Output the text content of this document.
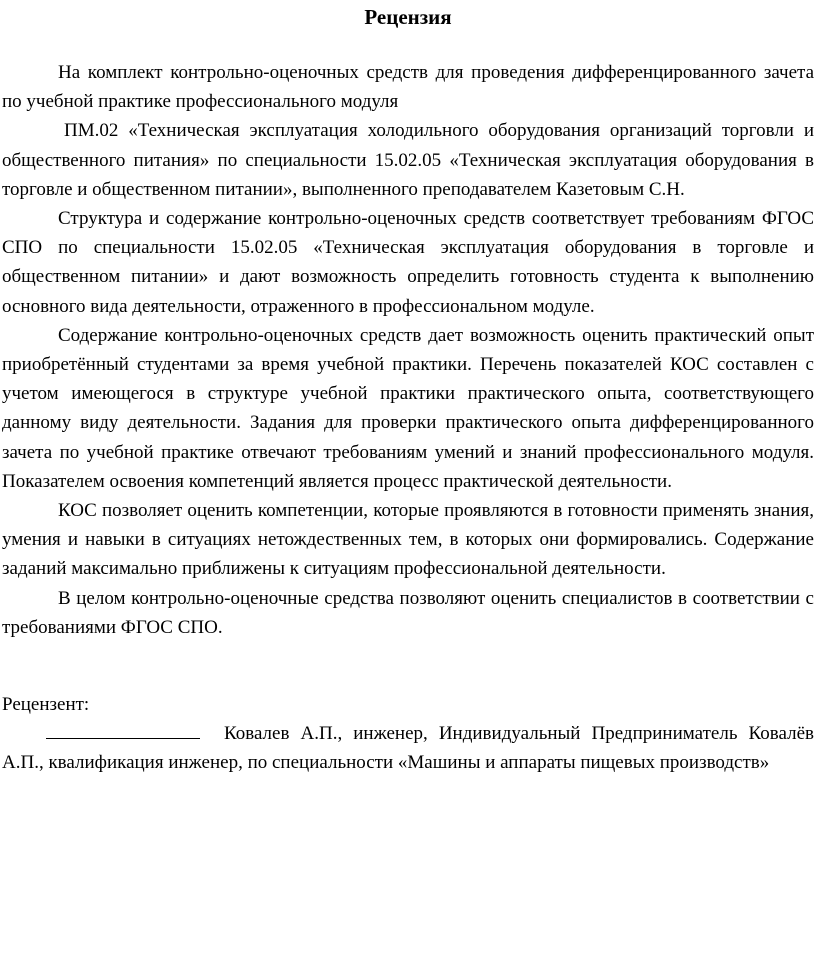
Рецензия

На комплект контрольно-оценочных средств для проведения дифференцированного зачета по учебной практике профессионального модуля

ПМ.02 «Техническая эксплуатация холодильного оборудования организаций торговли и общественного питания» по специальности 15.02.05 «Техническая эксплуатация оборудования в торговле и общественном питании», выполненного преподавателем Казетовым С.Н.

Структура и содержание контрольно-оценочных средств соответствует требованиям ФГОС СПО по специальности 15.02.05 «Техническая эксплуатация оборудования в торговле и общественном питании» и дают возможность определить готовность студента к выполнению основного вида деятельности, отраженного в профессиональном модуле.

Содержание контрольно-оценочных средств дает возможность оценить практический опыт приобретённый студентами за время учебной практики. Перечень показателей КОС составлен с учетом имеющегося в структуре учебной практики практического опыта, соответствующего данному виду деятельности. Задания для проверки практического опыта дифференцированного зачета по учебной практике отвечают требованиям умений и знаний профессионального модуля. Показателем освоения компетенций является процесс практической деятельности.

КОС позволяет оценить компетенции, которые проявляются в готовности применять знания, умения и навыки в ситуациях нетождественных тем, в которых они формировались. Содержание заданий максимально приближены к ситуациям профессиональной деятельности.

В целом контрольно-оценочные средства позволяют оценить специалистов в соответствии с требованиями ФГОС СПО.

Рецензент:

Ковалев А.П., инженер, Индивидуальный Предприниматель Ковалёв А.П., квалификация инженер, по специальности «Машины и аппараты пищевых производств»
